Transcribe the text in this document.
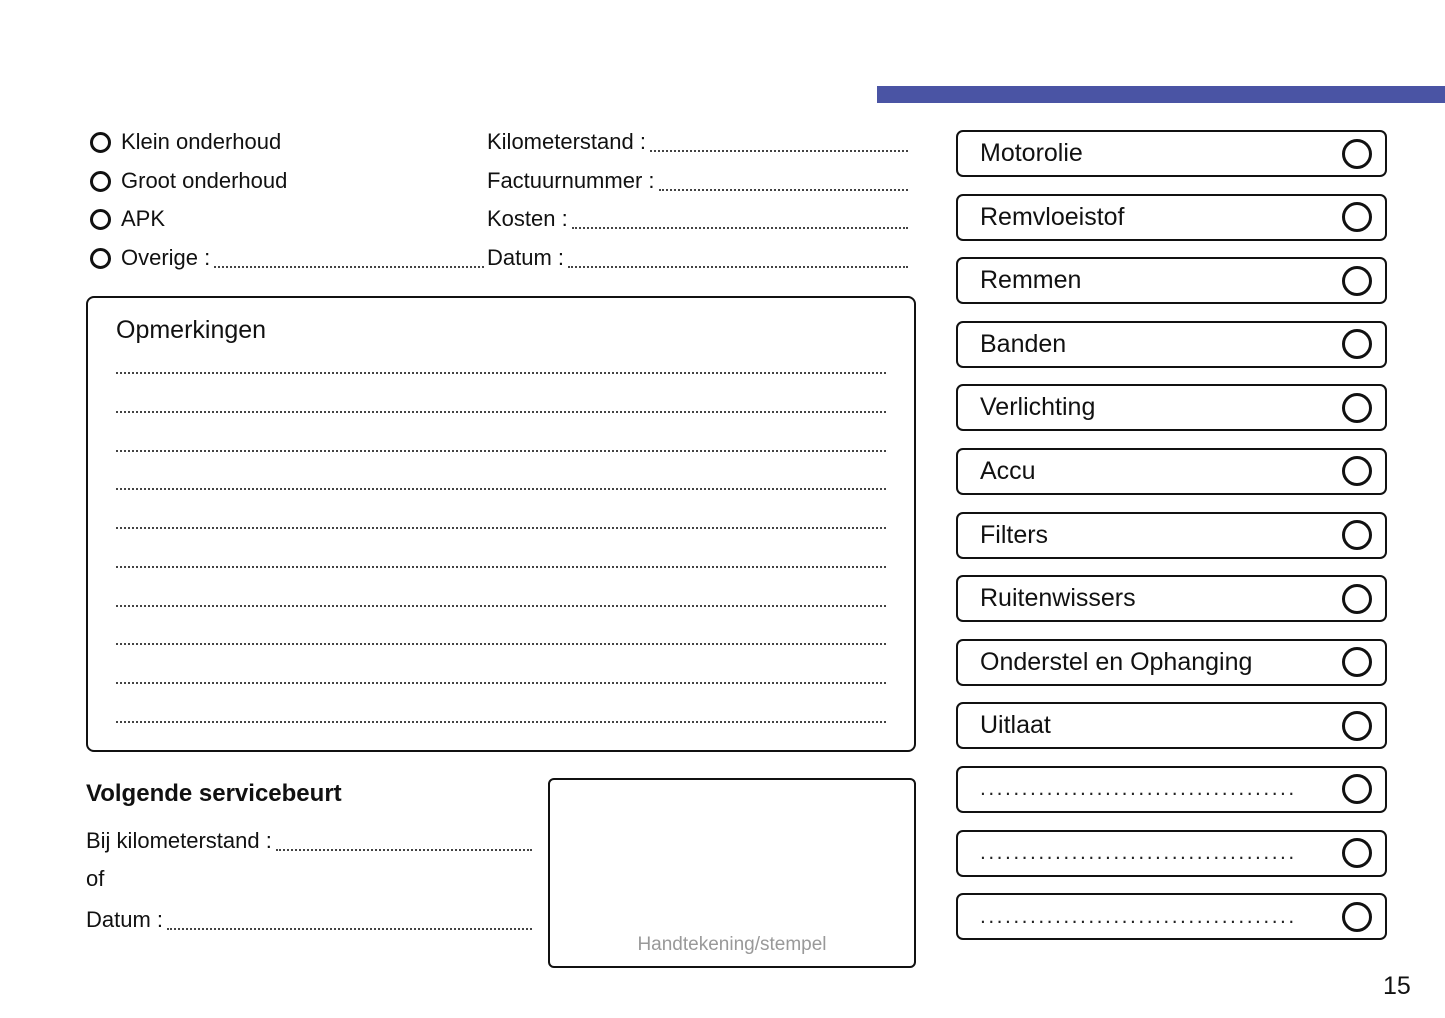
Klein onderhoud
Groot onderhoud
APK
Overige :
Kilometerstand :
Factuurnummer :
Kosten :
Datum :
Opmerkingen
Volgende servicebeurt
Bij kilometerstand :
of
Datum :
Handtekening/stempel
Motorolie
Remvloeistof
Remmen
Banden
Verlichting
Accu
Filters
Ruitenwissers
Onderstel en Ophanging
Uitlaat
......................................
......................................
......................................
15
